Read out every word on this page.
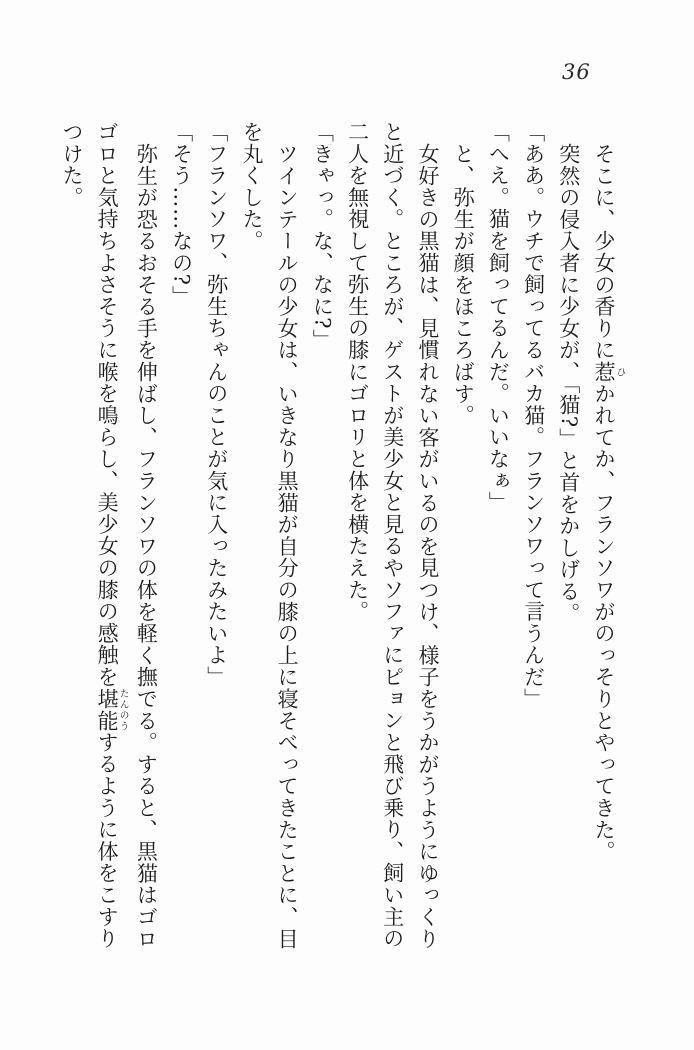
36

そこに、少女の香りに惹ひかれてか、フランソワがのっそりとやってきた。

突然の侵入者に少女が、「猫?」と首をかしげる。

「ああ。ウチで飼ってるバカ猫。フランソワって言うんだ」

「へえ。猫を飼ってるんだ。いいなぁ」

と、弥生が顔をほころばす。

女好きの黒猫は、見慣れない客がいるのを見つけ、様子をうかがうようにゆっくり

と近づく。ところが、ゲストが美少女と見るやソファにピョンと飛び乗り、飼い主の

二人を無視して弥生の膝にゴロリと体を横たえた。

「きゃっ。な、なに?」

ツインテールの少女は、いきなり黒猫が自分の膝の上に寝そべってきたことに、目

を丸くした。

「フランソワ、弥生ちゃんのことが気に入ったみたいよ」

「そう……なの?」

弥生が恐るおそる手を伸ばし、フランソワの体を軽く撫でる。すると、黒猫はゴロ

ゴロと気持ちよさそうに喉を鳴らし、美少女の膝の感触を堪能たんのうするように体をこすり

つけた。
